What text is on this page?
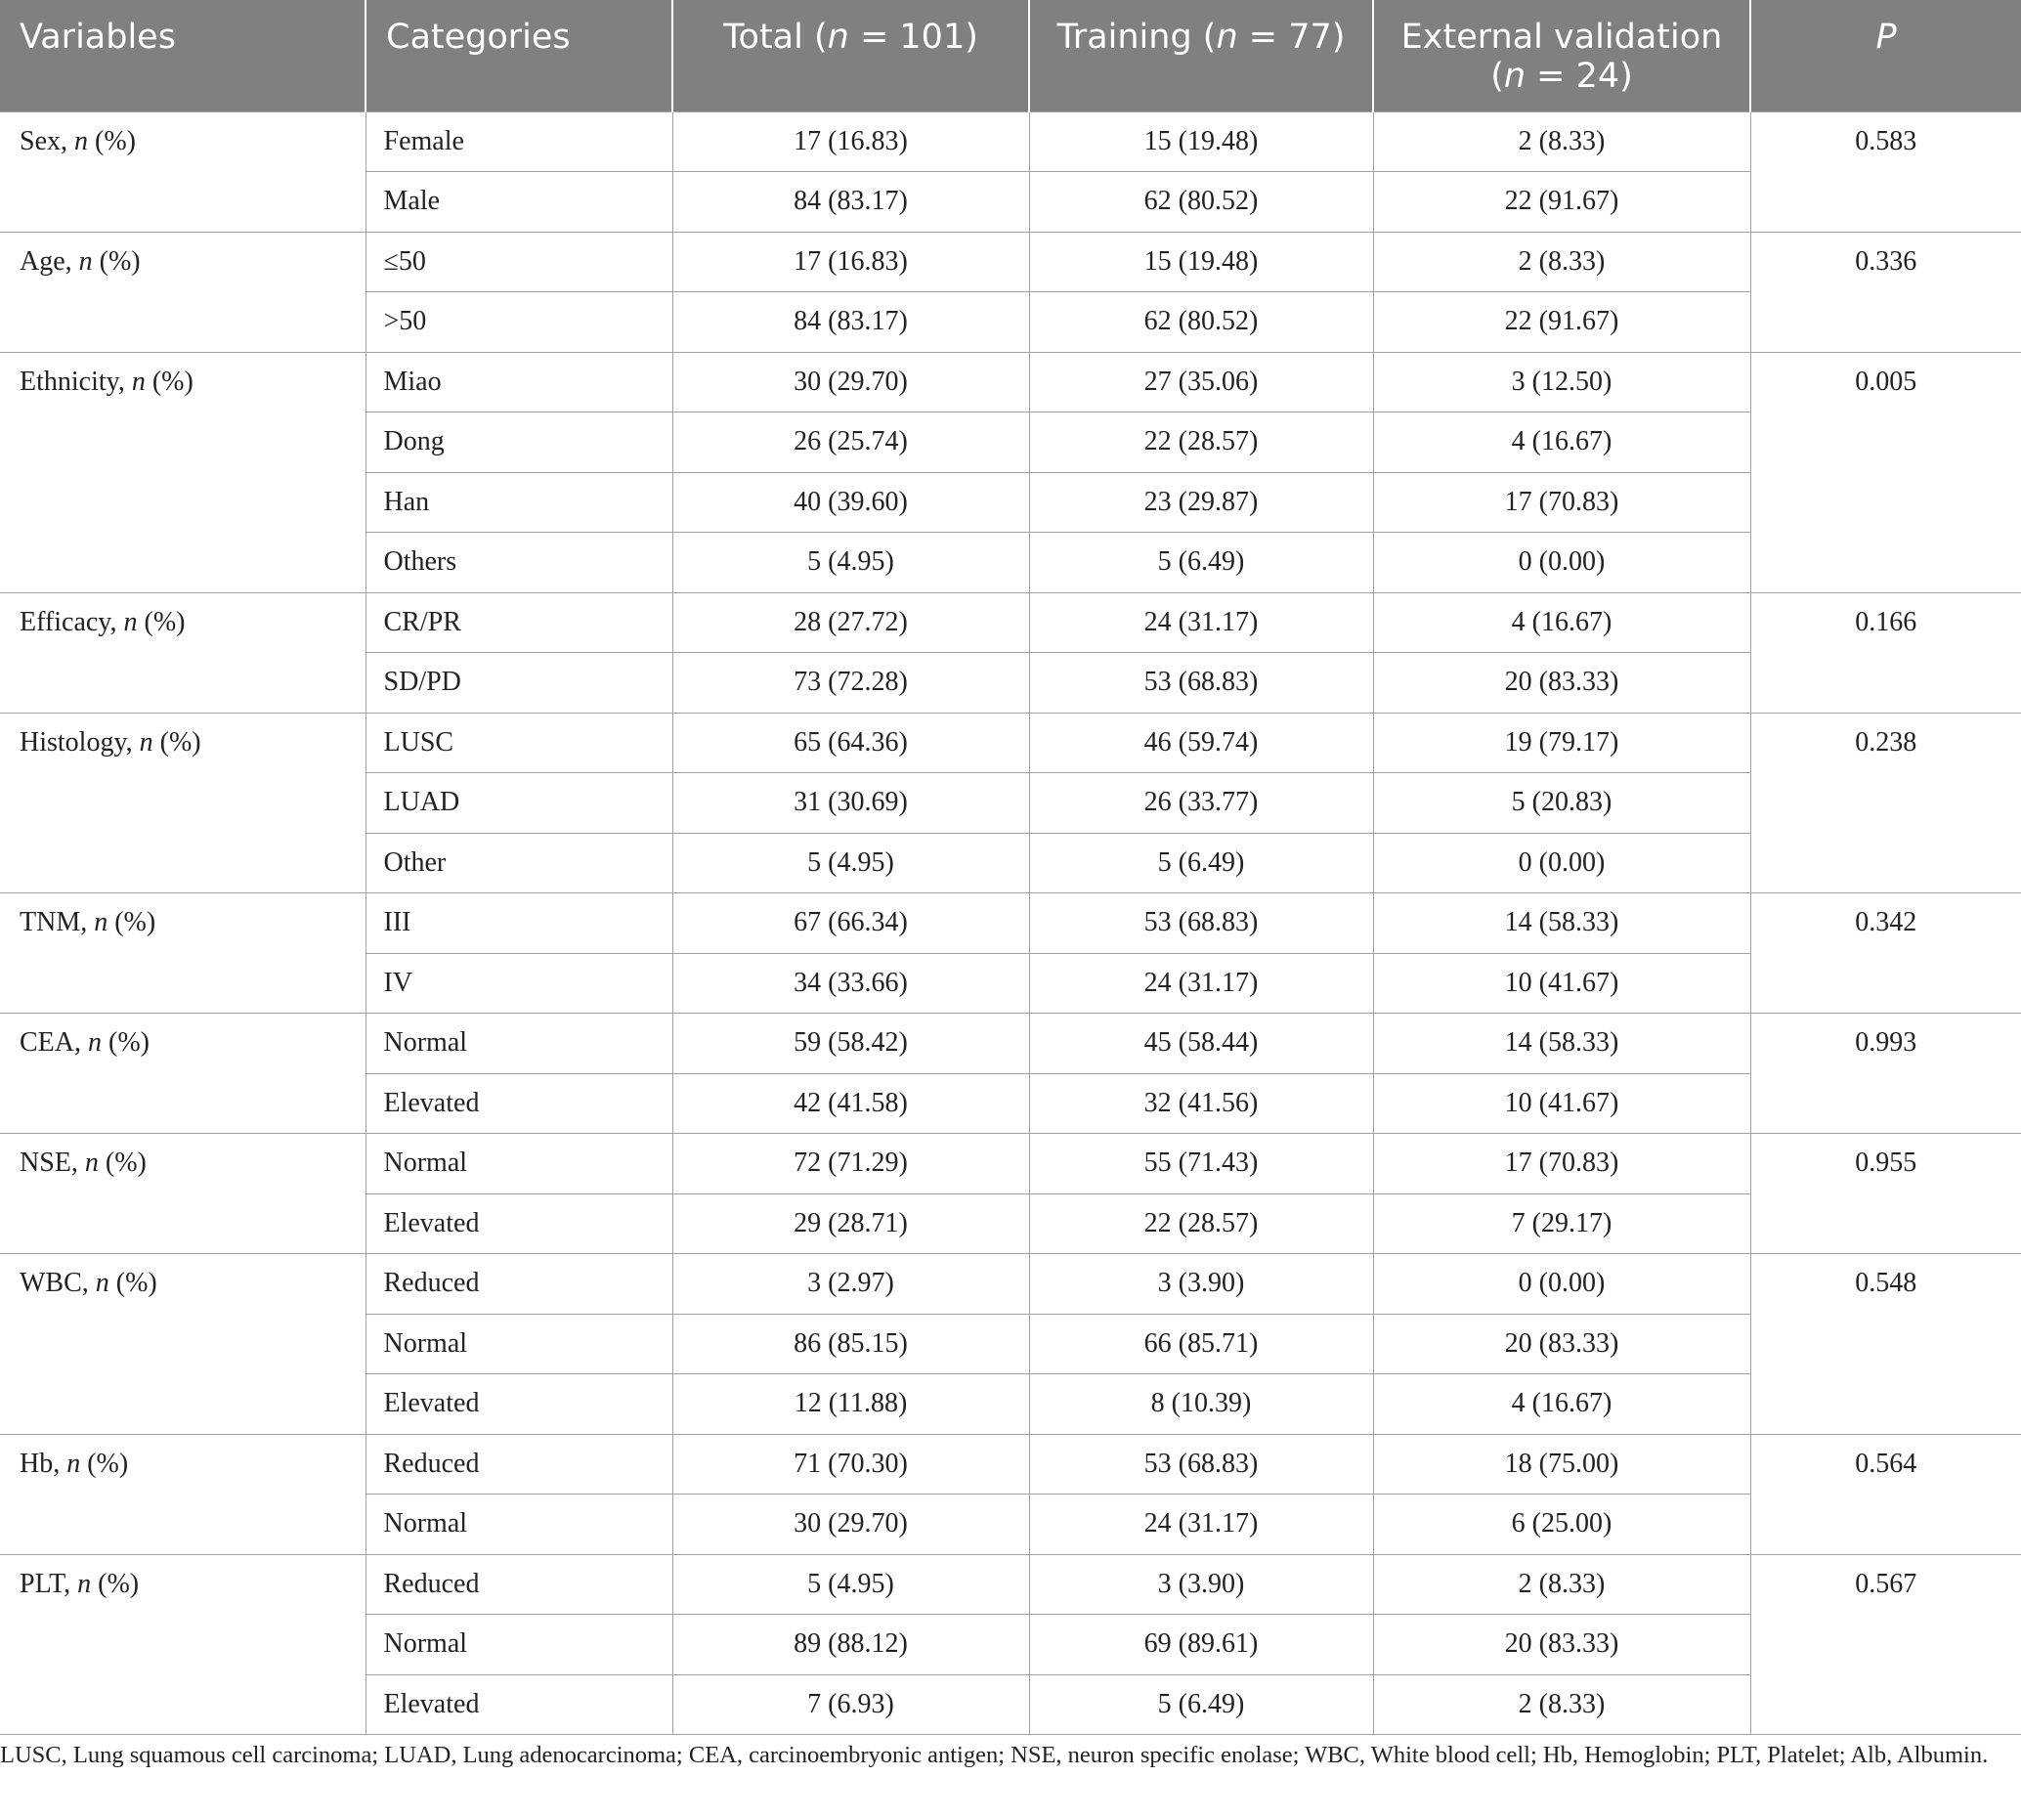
Variables	Categories	Total (n = 101)	Training (n = 77)	External validation
(n = 24)	P
Sex, n (%)	Female	17 (16.83)	15 (19.48)	2 (8.33)	0.583
	Male	84 (83.17)	62 (80.52)	22 (91.67)	
Age, n (%)	≤50	17 (16.83)	15 (19.48)	2 (8.33)	0.336
	>50	84 (83.17)	62 (80.52)	22 (91.67)	
Ethnicity, n (%)	Miao	30 (29.70)	27 (35.06)	3 (12.50)	0.005
	Dong	26 (25.74)	22 (28.57)	4 (16.67)	
	Han	40 (39.60)	23 (29.87)	17 (70.83)	
	Others	5 (4.95)	5 (6.49)	0 (0.00)	
Efficacy, n (%)	CR/PR	28 (27.72)	24 (31.17)	4 (16.67)	0.166
	SD/PD	73 (72.28)	53 (68.83)	20 (83.33)	
Histology, n (%)	LUSC	65 (64.36)	46 (59.74)	19 (79.17)	0.238
	LUAD	31 (30.69)	26 (33.77)	5 (20.83)	
	Other	5 (4.95)	5 (6.49)	0 (0.00)	
TNM, n (%)	III	67 (66.34)	53 (68.83)	14 (58.33)	0.342
	IV	34 (33.66)	24 (31.17)	10 (41.67)	
CEA, n (%)	Normal	59 (58.42)	45 (58.44)	14 (58.33)	0.993
	Elevated	42 (41.58)	32 (41.56)	10 (41.67)	
NSE, n (%)	Normal	72 (71.29)	55 (71.43)	17 (70.83)	0.955
	Elevated	29 (28.71)	22 (28.57)	7 (29.17)	
WBC, n (%)	Reduced	3 (2.97)	3 (3.90)	0 (0.00)	0.548
	Normal	86 (85.15)	66 (85.71)	20 (83.33)	
	Elevated	12 (11.88)	8 (10.39)	4 (16.67)	
Hb, n (%)	Reduced	71 (70.30)	53 (68.83)	18 (75.00)	0.564
	Normal	30 (29.70)	24 (31.17)	6 (25.00)	
PLT, n (%)	Reduced	5 (4.95)	3 (3.90)	2 (8.33)	0.567
	Normal	89 (88.12)	69 (89.61)	20 (83.33)	
	Elevated	7 (6.93)	5 (6.49)	2 (8.33)	
LUSC, Lung squamous cell carcinoma; LUAD, Lung adenocarcinoma; CEA, carcinoembryonic antigen; NSE, neuron specific enolase; WBC, White blood cell; Hb, Hemoglobin; PLT, Platelet; Alb, Albumin.
